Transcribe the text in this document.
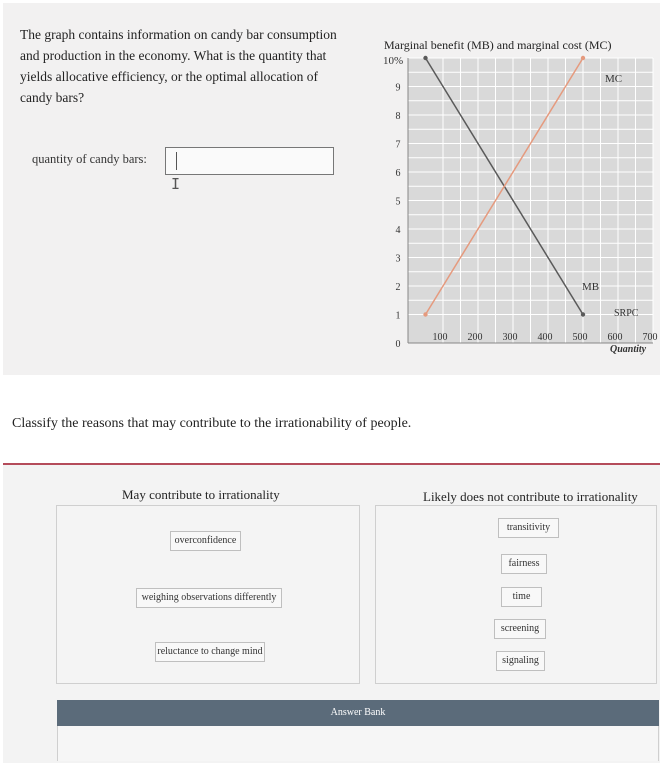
The graph contains information on candy bar consumption and production in the economy. What is the quantity that yields allocative efficiency, or the optimal allocation of candy bars?
quantity of candy bars:
I
Marginal benefit (MB) and marginal cost (MC)
9
8
7
6
5
4
3
2
1
0
100 200 300 400 500 600 700
10%
MC
MB
SRPC
Quantity
Classify the reasons that may contribute to the irrationability of people.
May contribute to irrationality	Likely does not contribute to irrationality
overconfidence
weighing observations differently
reluctance to change mind
transitivity
fairness
time
screening
signaling
Answer Bank
